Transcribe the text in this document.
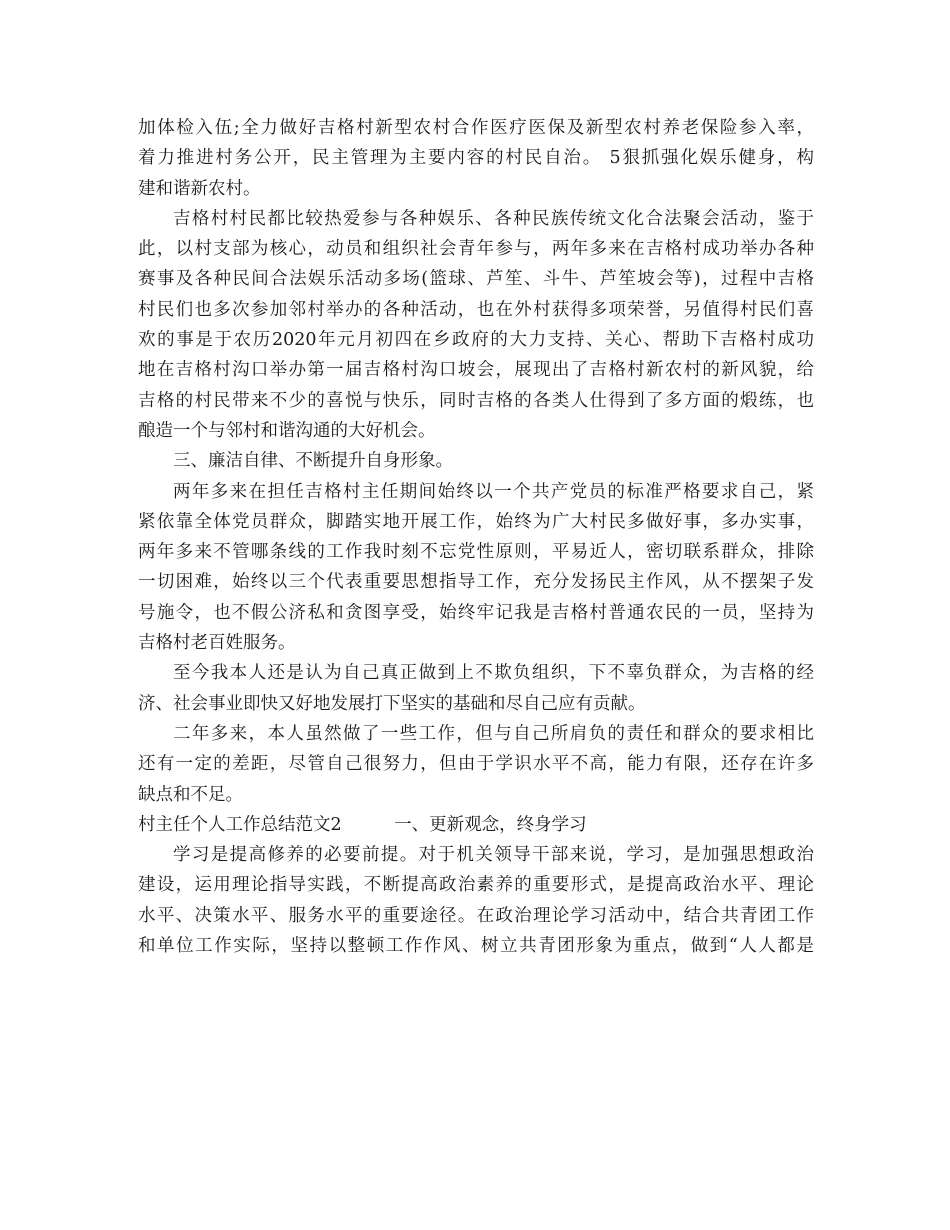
加体检入伍;全力做好吉格村新型农村合作医疗医保及新型农村养老保险参入率，
着力推进村务公开，民主管理为主要内容的村民自治。 5狠抓强化娱乐健身，构
建和谐新农村。
吉格村村民都比较热爱参与各种娱乐、各种民族传统文化合法聚会活动，鉴于
此，以村支部为核心，动员和组织社会青年参与，两年多来在吉格村成功举办各种
赛事及各种民间合法娱乐活动多场(篮球、芦笙、斗牛、芦笙坡会等)，过程中吉格
村民们也多次参加邻村举办的各种活动，也在外村获得多项荣誉，另值得村民们喜
欢的事是于农历2020年元月初四在乡政府的大力支持、关心、帮助下吉格村成功
地在吉格村沟口举办第一届吉格村沟口坡会，展现出了吉格村新农村的新风貌，给
吉格的村民带来不少的喜悦与快乐，同时吉格的各类人仕得到了多方面的煅练，也
酿造一个与邻村和谐沟通的大好机会。
三、廉洁自律、不断提升自身形象。
两年多来在担任吉格村主任期间始终以一个共产党员的标准严格要求自己，紧
紧依靠全体党员群众，脚踏实地开展工作，始终为广大村民多做好事，多办实事，
两年多来不管哪条线的工作我时刻不忘党性原则，平易近人，密切联系群众，排除
一切困难，始终以三个代表重要思想指导工作，充分发扬民主作风，从不摆架子发
号施令，也不假公济私和贪图享受，始终牢记我是吉格村普通农民的一员，坚持为
吉格村老百姓服务。
至今我本人还是认为自己真正做到上不欺负组织，下不辜负群众，为吉格的经
济、社会事业即快又好地发展打下坚实的基础和尽自己应有贡献。
二年多来，本人虽然做了一些工作，但与自己所肩负的责任和群众的要求相比
还有一定的差距，尽管自己很努力，但由于学识水平不高，能力有限，还存在许多
缺点和不足。
村主任个人工作总结范文2　　　一、更新观念，终身学习
学习是提高修养的必要前提。对于机关领导干部来说，学习，是加强思想政治
建设，运用理论指导实践，不断提高政治素养的重要形式，是提高政治水平、理论
水平、决策水平、服务水平的重要途径。在政治理论学习活动中，结合共青团工作
和单位工作实际，坚持以整顿工作作风、树立共青团形象为重点，做到“人人都是
